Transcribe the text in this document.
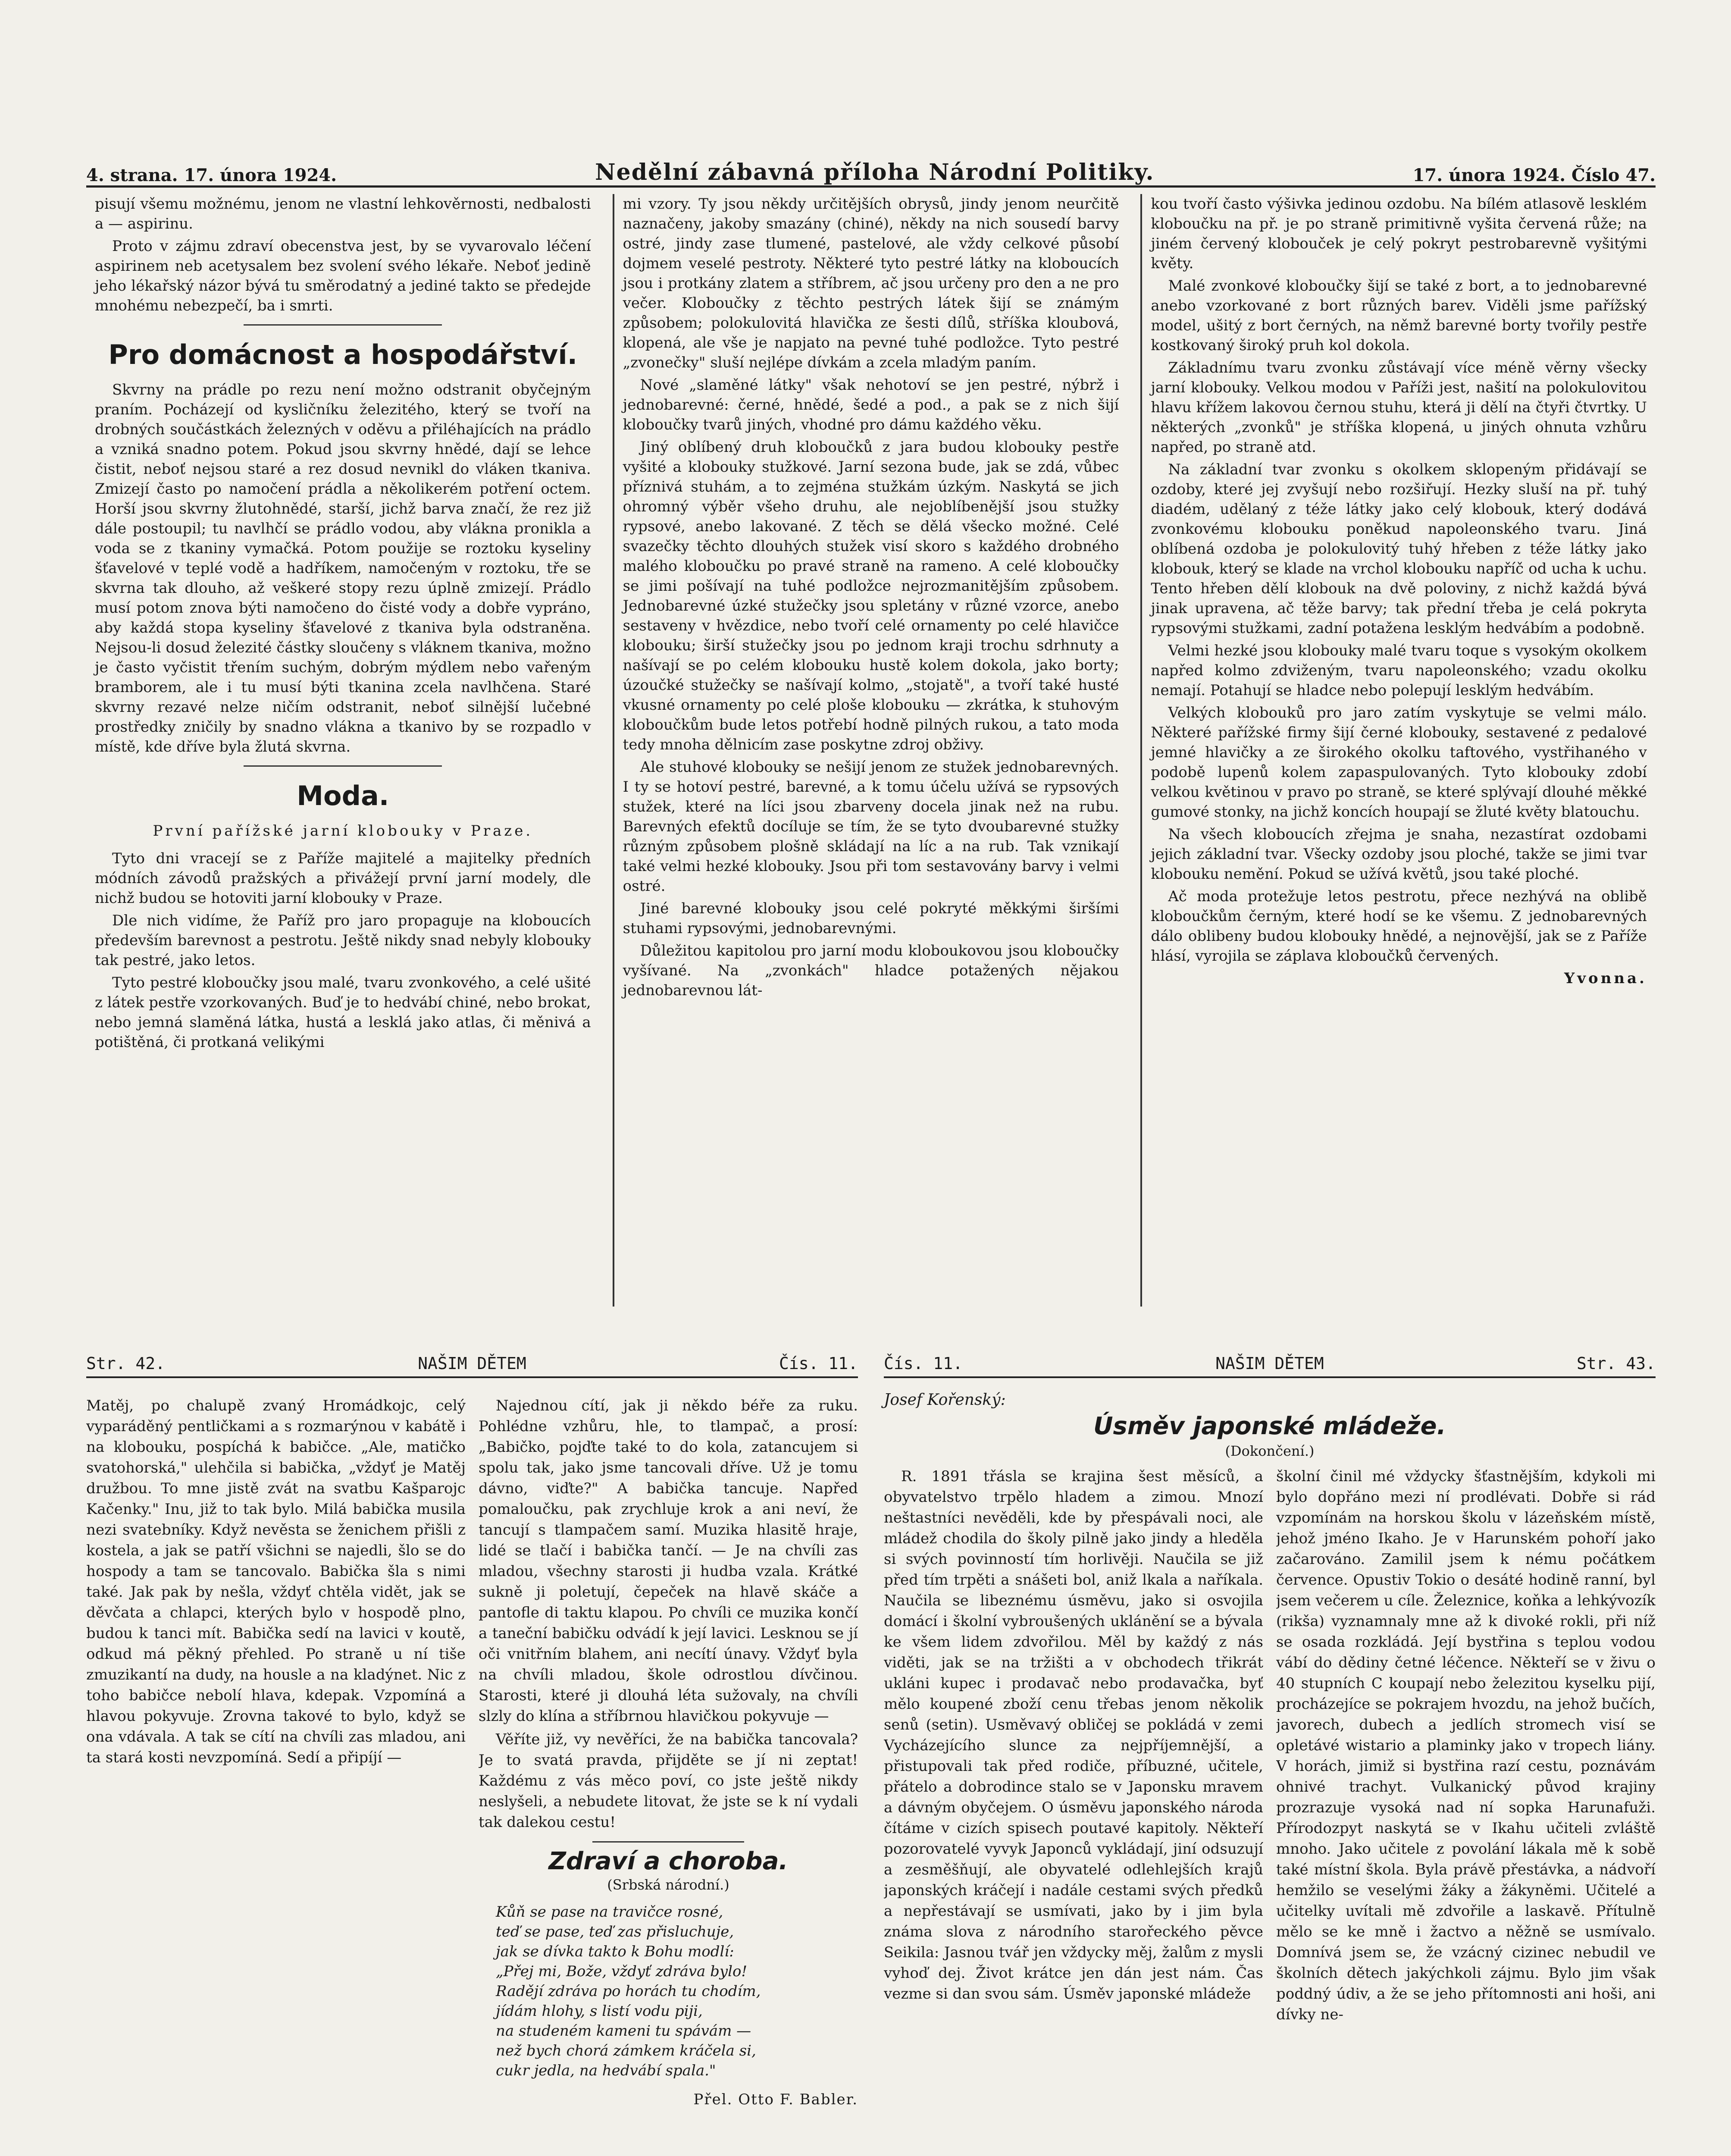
4. strana. 17. února 1924.	Nedělní zábavná příloha Národní Politiky.	17. února 1924. Číslo 47.

pisují všemu možnému, jenom ne vlastní lehkověrnosti, nedbalosti a — aspirinu.

Proto v zájmu zdraví obecenstva jest, by se vyvarovalo léčení aspirinem neb acetysalem bez svolení svého lékaře. Neboť jedině jeho lékařský názor bývá tu směrodatný a jediné takto se předejde mnohému nebezpečí, ba i smrti.

Pro domácnost a hospodářství.

Skvrny na prádle po rezu není možno odstranit obyčejným praním. Pocházejí od kysličníku železitého, který se tvoří na drobných součástkách železných v oděvu a přiléhajících na prádlo a vzniká snadno potem. Pokud jsou skvrny hnědé, dají se lehce čistit, neboť nejsou staré a rez dosud nevnikl do vláken tkaniva. Zmizejí často po namočení prádla a několikerém potření octem. Horší jsou skvrny žlutohnědé, starší, jichž barva značí, že rez již dále postoupil; tu navlhčí se prádlo vodou, aby vlákna pronikla a voda se z tkaniny vymačká. Potom použije se roztoku kyseliny šťavelové v teplé vodě a hadříkem, namočeným v roztoku, tře se skvrna tak dlouho, až veškeré stopy rezu úplně zmizejí. Prádlo musí potom znova býti namočeno do čisté vody a dobře vypráno, aby každá stopa kyseliny šťavelové z tkaniva byla odstraněna. Nejsou-li dosud železité částky sloučeny s vláknem tkaniva, možno je často vyčistit třením suchým, dobrým mýdlem nebo vařeným bramborem, ale i tu musí býti tkanina zcela navlhčena. Staré skvrny rezavé nelze ničím odstranit, neboť silnější lučebné prostředky zničily by snadno vlákna a tkanivo by se rozpadlo v místě, kde dříve byla žlutá skvrna.

Moda.
První pařížské jarní klobouky v Praze.

Tyto dni vracejí se z Paříže majitelé a majitelky předních módních závodů pražských a přivážejí první jarní modely, dle nichž budou se hotoviti jarní klobouky v Praze.

Dle nich vidíme, že Paříž pro jaro propaguje na kloboucích především barevnost a pestrotu. Ještě nikdy snad nebyly klobouky tak pestré, jako letos.

Tyto pestré kloboučky jsou malé, tvaru zvonkového, a celé ušité z látek pestře vzorkovaných. Buď je to hedvábí chiné, nebo brokat, nebo jemná slaměná látka, hustá a lesklá jako atlas, či měnivá a potištěná, či protkaná velikými

mi vzory. Ty jsou někdy určitějších obrysů, jindy jenom neurčitě naznačeny, jakoby smazány (chiné), někdy na nich sousedí barvy ostré, jindy zase tlumené, pastelové, ale vždy celkové působí dojmem veselé pestroty. Některé tyto pestré látky na kloboucích jsou i protkány zlatem a stříbrem, ač jsou určeny pro den a ne pro večer. Kloboučky z těchto pestrých látek šijí se známým způsobem; polokulovitá hlavička ze šesti dílů, stříška kloubová, klopená, ale vše je napjato na pevné tuhé podložce. Tyto pestré „zvonečky" sluší nejlépe dívkám a zcela mladým paním.

Nové „slaměné látky" však nehotoví se jen pestré, nýbrž i jednobarevné: černé, hnědé, šedé a pod., a pak se z nich šijí kloboučky tvarů jiných, vhodné pro dámu každého věku.

Jiný oblíbený druh kloboučků z jara budou klobouky pestře vyšité a klobouky stužkové. Jarní sezona bude, jak se zdá, vůbec příznivá stuhám, a to zejména stužkám úzkým. Naskytá se jich ohromný výběr všeho druhu, ale nejoblíbenější jsou stužky rypsové, anebo lakované. Z těch se dělá všecko možné. Celé svazečky těchto dlouhých stužek visí skoro s každého drobného malého kloboučku po pravé straně na rameno. A celé kloboučky se jimi pošívají na tuhé podložce nejrozmanitějším způsobem. Jednobarevné úzké stužečky jsou spletány v různé vzorce, anebo sestaveny v hvězdice, nebo tvoří celé ornamenty po celé hlavičce klobouku; širší stužečky jsou po jednom kraji trochu sdrhnuty a našívají se po celém klobouku hustě kolem dokola, jako borty; úzoučké stužečky se našívají kolmo, „stojatě", a tvoří také husté vkusné ornamenty po celé ploše klobouku — zkrátka, k stuhovým kloboučkům bude letos potřebí hodně pilných rukou, a tato moda tedy mnoha dělnicím zase poskytne zdroj obživy.

Ale stuhové klobouky se nešijí jenom ze stužek jednobarevných. I ty se hotoví pestré, barevné, a k tomu účelu užívá se rypsových stužek, které na líci jsou zbarveny docela jinak než na rubu. Barevných efektů docíluje se tím, že se tyto dvoubarevné stužky různým způsobem plošně skládají na líc a na rub. Tak vznikají také velmi hezké klobouky. Jsou při tom sestavovány barvy i velmi ostré.

Jiné barevné klobouky jsou celé pokryté měkkými širšími stuhami rypsovými, jednobarevnými.

Důležitou kapitolou pro jarní modu kloboukovou jsou kloboučky vyšívané. Na „zvonkách" hladce potažených nějakou jednobarevnou lát-

kou tvoří často výšivka jedinou ozdobu. Na bílém atlasově lesklém kloboučku na př. je po straně primitivně vyšita červená růže; na jiném červený klobouček je celý pokryt pestrobarevně vyšitými květy.

Malé zvonkové kloboučky šijí se také z bort, a to jednobarevné anebo vzorkované z bort různých barev. Viděli jsme pařížský model, ušitý z bort černých, na němž barevné borty tvořily pestře kostkovaný široký pruh kol dokola.

Základnímu tvaru zvonku zůstávají více méně věrny všecky jarní klobouky. Velkou modou v Paříži jest, našití na polokulovitou hlavu křížem lakovou černou stuhu, která ji dělí na čtyři čtvrtky. U některých „zvonků" je stříška klopená, u jiných ohnuta vzhůru napřed, po straně atd.

Na základní tvar zvonku s okolkem sklopeným přidávají se ozdoby, které jej zvyšují nebo rozšiřují. Hezky sluší na př. tuhý diadém, udělaný z téže látky jako celý klobouk, který dodává zvonkovému klobouku poněkud napoleonského tvaru. Jiná oblíbená ozdoba je polokulovitý tuhý hřeben z téže látky jako klobouk, který se klade na vrchol klobouku napříč od ucha k uchu. Tento hřeben dělí klobouk na dvě poloviny, z nichž každá bývá jinak upravena, ač těže barvy; tak přední třeba je celá pokryta rypsovými stužkami, zadní potažena lesklým hedvábím a podobně.

Velmi hezké jsou klobouky malé tvaru toque s vysokým okolkem napřed kolmo zdviženým, tvaru napoleonského; vzadu okolku nemají. Potahují se hladce nebo polepují lesklým hedvábím.

Velkých klobouků pro jaro zatím vyskytuje se velmi málo. Některé pařížské firmy šijí černé klobouky, sestavené z pedalové jemné hlavičky a ze širokého okolku taftového, vystřihaného v podobě lupenů kolem zapaspulovaných. Tyto klobouky zdobí velkou květinou v pravo po straně, se které splývají dlouhé měkké gumové stonky, na jichž koncích houpají se žluté květy blatouchu.

Na všech kloboucích zřejma je snaha, nezastírat ozdobami jejich základní tvar. Všecky ozdoby jsou ploché, takže se jimi tvar klobouku nemění. Pokud se užívá květů, jsou také ploché.

Ač moda protežuje letos pestrotu, přece nezhývá na oblibě kloboučkům černým, které hodí se ke všemu. Z jednobarevných dálo oblibeny budou klobouky hnědé, a nejnovější, jak se z Paříže hlásí, vyrojila se záplava kloboučků červených.

Yvonna.
Str. 42.	NAŠIM DĚTEM	Čís. 11.

Matěj, po chalupě zvaný Hromádkojc, celý vyparáděný pentličkami a s rozmarýnou v kabátě i na klobouku, pospíchá k babičce. „Ale, matičko svatohorská," ulehčila si babička, „vždyť je Matěj družbou. To mne jistě zvát na svatbu Kašparojc Kačenky." Inu, již to tak bylo. Milá babička musila nezi svatebníky. Když nevěsta se ženichem přišli z kostela, a jak se patří všichni se najedli, šlo se do hospody a tam se tancovalo. Babička šla s nimi také. Jak pak by nešla, vždyť chtěla vidět, jak se děvčata a chlapci, kterých bylo v hospodě plno, budou k tanci mít. Babička sedí na lavici v koutě, odkud má pěkný přehled. Po straně u ní tiše zmuzikantí na dudy, na housle a na kladýnet. Nic z toho babičce nebolí hlava, kdepak. Vzpomíná a hlavou pokyvuje. Zrovna takové to bylo, když se ona vdávala. A tak se cítí na chvíli zas mladou, ani ta stará kosti nevzpomíná. Sedí a připíjí —

Najednou cítí, jak ji někdo béře za ruku. Pohlédne vzhůru, hle, to tlampač, a prosí: „Babičko, pojďte také to do kola, zatancujem si spolu tak, jako jsme tancovali dříve. Už je tomu dávno, viďte?" A babička tancuje. Napřed pomaloučku, pak zrychluje krok a ani neví, že tancují s tlampačem samí. Muzika hlasitě hraje, lidé se tlačí i babička tančí. — Je na chvíli zas mladou, všechny starosti ji hudba vzala. Krátké sukně ji poletují, čepeček na hlavě skáče a pantofle di taktu klapou. Po chvíli ce muzika končí a taneční babičku odvádí k její lavici. Lesknou se jí oči vnitřním blahem, ani necítí únavy. Vždyť byla na chvíli mladou, škole odrostlou dívčinou. Starosti, které ji dlouhá léta sužovaly, na chvíli slzly do klína a stříbrnou hlavičkou pokyvuje —

Věříte již, vy nevěříci, že na babička tancovala? Je to svatá pravda, přijděte se jí ni zeptat! Každému z vás měco poví, co jste ještě nikdy neslyšeli, a nebudete litovat, že jste se k ní vydali tak dalekou cestu!

Zdraví a choroba.
(Srbská národní.)
Kůň se pase na travičce rosné,
teď se pase, teď zas přisluchuje,
jak se dívka takto k Bohu modlí:
„Přej mi, Bože, vždyť zdráva bylo!
Radějí zdráva po horách tu chodím,
jídám hlohy, s listí vodu piji,
na studeném kameni tu spávám —
než bych chorá zámkem kráčela si,
cukr jedla, na hedvábí spala."
Přel. Otto F. Babler.
Čís. 11.	NAŠIM DĚTEM	Str. 43.
Josef Kořenský:
Úsměv japonské mládeže.
(Dokončení.)

R. 1891 třásla se krajina šest měsíců, a obyvatelstvo trpělo hladem a zimou. Mnozí neštastníci nevěděli, kde by přespávali noci, ale mládež chodila do školy pilně jako jindy a hleděla si svých povinností tím horlivěji. Naučila se již před tím trpěti a snášeti bol, aniž lkala a naříkala. Naučila se libeznému úsměvu, jako si osvojila domácí i školní vybroušených uklánění se a bývala ke všem lidem zdvořilou. Měl by každý z nás viděti, jak se na tržišti a v obchodech třikrát ukláni kupec i prodavač nebo prodavačka, byť mělo koupené zboží cenu třebas jenom několik senů (setin). Usměvavý obličej se pokládá v zemi Vycházejícího slunce za nejpříjemnější, a přistupovali tak před rodiče, příbuzné, učitele, přátelo a dobrodince stalo se v Japonsku mravem a dávným obyčejem. O úsměvu japonského národa čítáme v cizích spisech poutavé kapitoly. Někteří pozorovatelé vyvyk Japonců vykládají, jiní odsuzují a zesměšňují, ale obyvatelé odlehlejších krajů japonských kráčejí i nadále cestami svých předků a nepřestávají se usmívati, jako by i jim byla známa slova z národního starořeckého pěvce Seikila: Jasnou tvář jen vždycky měj, žalům z mysli vyhoď dej. Život krátce jen dán jest nám. Čas vezme si dan svou sám. Úsměv japonské mládeže

školní činil mé vždycky šťastnějším, kdykoli mi bylo dopřáno mezi ní prodlévati. Dobře si rád vzpomínám na horskou školu v lázeňském místě, jehož jméno Ikaho. Je v Harunském pohoří jako začarováno. Zamilil jsem k nému počátkem července. Opustiv Tokio o desáté hodině ranní, byl jsem večerem u cíle. Železnice, koňka a lehkývozík (rikša) vyznamnaly mne až k divoké rokli, při níž se osada rozkládá. Její bystřina s teplou vodou vábí do dědiny četné léčence. Někteří se v živu o 40 stupních C koupají nebo železitou kyselku pijí, procházejíce se pokrajem hvozdu, na jehož bučích, javorech, dubech a jedlích stromech visí se opletávé wistario a plaminky jako v tropech liány. V horách, jimiž si bystřina razí cestu, poznávám ohnivé trachyt. Vulkanický původ krajiny prozrazuje vysoká nad ní sopka Harunafuži. Přírodozpyt naskytá se v Ikahu učiteli zvláště mnoho. Jako učitele z povolání lákala mě k sobě také místní škola. Byla právě přestávka, a nádvoří hemžilo se veselými žáky a žákyněmi. Učitelé a učitelky uvítali mě zdvořile a laskavě. Přítulně mělo se ke mně i žactvo a něžně se usmívalo. Domnívá jsem se, že vzácný cizinec nebudil ve školních dětech jakýchkoli zájmu. Bylo jim však poddný údiv, a že se jeho přítomnosti ani hoši, ani dívky ne-
